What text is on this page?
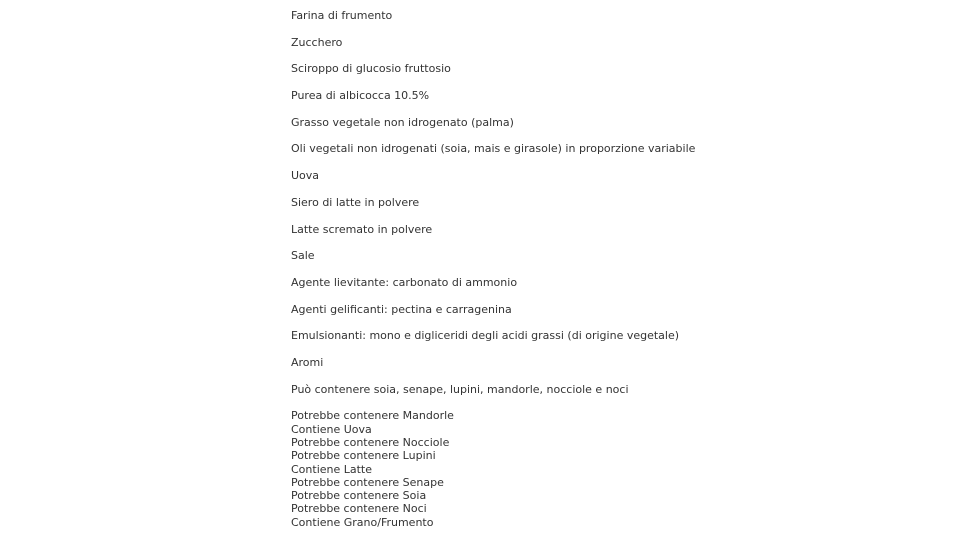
Farina di frumento

Zucchero

Sciroppo di glucosio fruttosio

Purea di albicocca 10.5%

Grasso vegetale non idrogenato (palma)

Oli vegetali non idrogenati (soia, mais e girasole) in proporzione variabile

Uova

Siero di latte in polvere

Latte scremato in polvere

Sale

Agente lievitante: carbonato di ammonio

Agenti gelificanti: pectina e carragenina

Emulsionanti: mono e digliceridi degli acidi grassi (di origine vegetale)

Aromi

Può contenere soia, senape, lupini, mandorle, nocciole e noci

Potrebbe contenere Mandorle
Contiene Uova
Potrebbe contenere Nocciole
Potrebbe contenere Lupini
Contiene Latte
Potrebbe contenere Senape
Potrebbe contenere Soia
Potrebbe contenere Noci
Contiene Grano/Frumento
